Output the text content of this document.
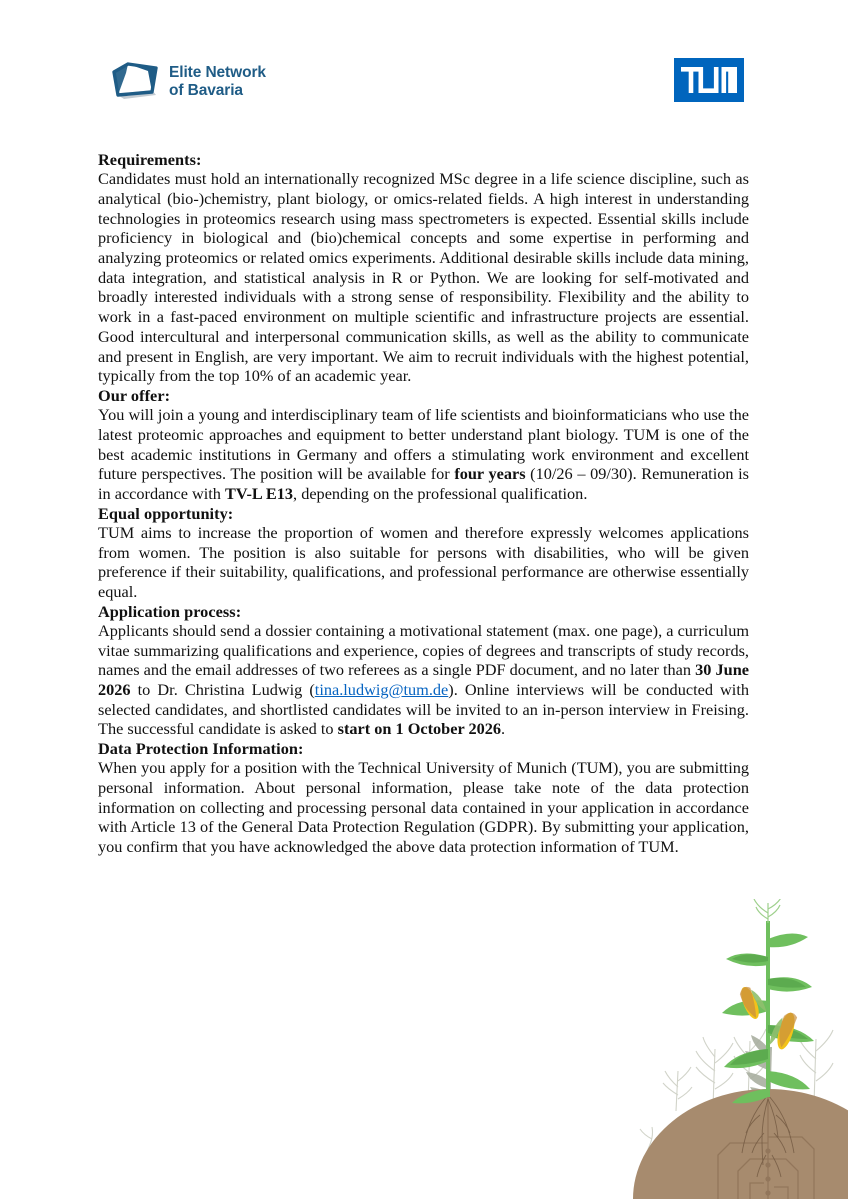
Elite Network
of Bavaria
Requirements:

Candidates must hold an internationally recognized MSc degree in a life science discipline, such as analytical (bio-)chemistry, plant biology, or omics-related fields. A high interest in understanding technologies in proteomics research using mass spectrometers is expected. Essential skills include proficiency in biological and (bio)chemical concepts and some expertise in performing and analyzing proteomics or related omics experiments. Additional desirable skills include data mining, data integration, and statistical analysis in R or Python. We are looking for self-motivated and broadly interested individuals with a strong sense of responsibility. Flexibility and the ability to work in a fast-paced environment on multiple scientific and infrastructure projects are essential. Good intercultural and interpersonal communication skills, as well as the ability to communicate and present in English, are very important. We aim to recruit individuals with the highest potential, typically from the top 10% of an academic year.

Our offer:

You will join a young and interdisciplinary team of life scientists and bioinformaticians who use the latest proteomic approaches and equipment to better understand plant biology. TUM is one of the best academic institutions in Germany and offers a stimulating work environment and excellent future perspectives. The position will be available for four years (10/26 – 09/30). Remuneration is in accordance with TV-L E13, depending on the professional qualification.

Equal opportunity:

TUM aims to increase the proportion of women and therefore expressly welcomes applications from women. The position is also suitable for persons with disabilities, who will be given preference if their suitability, qualifications, and professional performance are otherwise essentially equal.

Application process:

Applicants should send a dossier containing a motivational statement (max. one page), a curriculum vitae summarizing qualifications and experience, copies of degrees and transcripts of study records, names and the email addresses of two referees as a single PDF document, and no later than 30 June 2026 to Dr. Christina Ludwig (tina.ludwig@tum.de). Online interviews will be conducted with selected candidates, and shortlisted candidates will be invited to an in-person interview in Freising. The successful candidate is asked to start on 1 October 2026.

Data Protection Information:

When you apply for a position with the Technical University of Munich (TUM), you are submitting personal information. About personal information, please take note of the data protection information on collecting and processing personal data contained in your application in accordance with Article 13 of the General Data Protection Regulation (GDPR). By submitting your application, you confirm that you have acknowledged the above data protection information of TUM.
